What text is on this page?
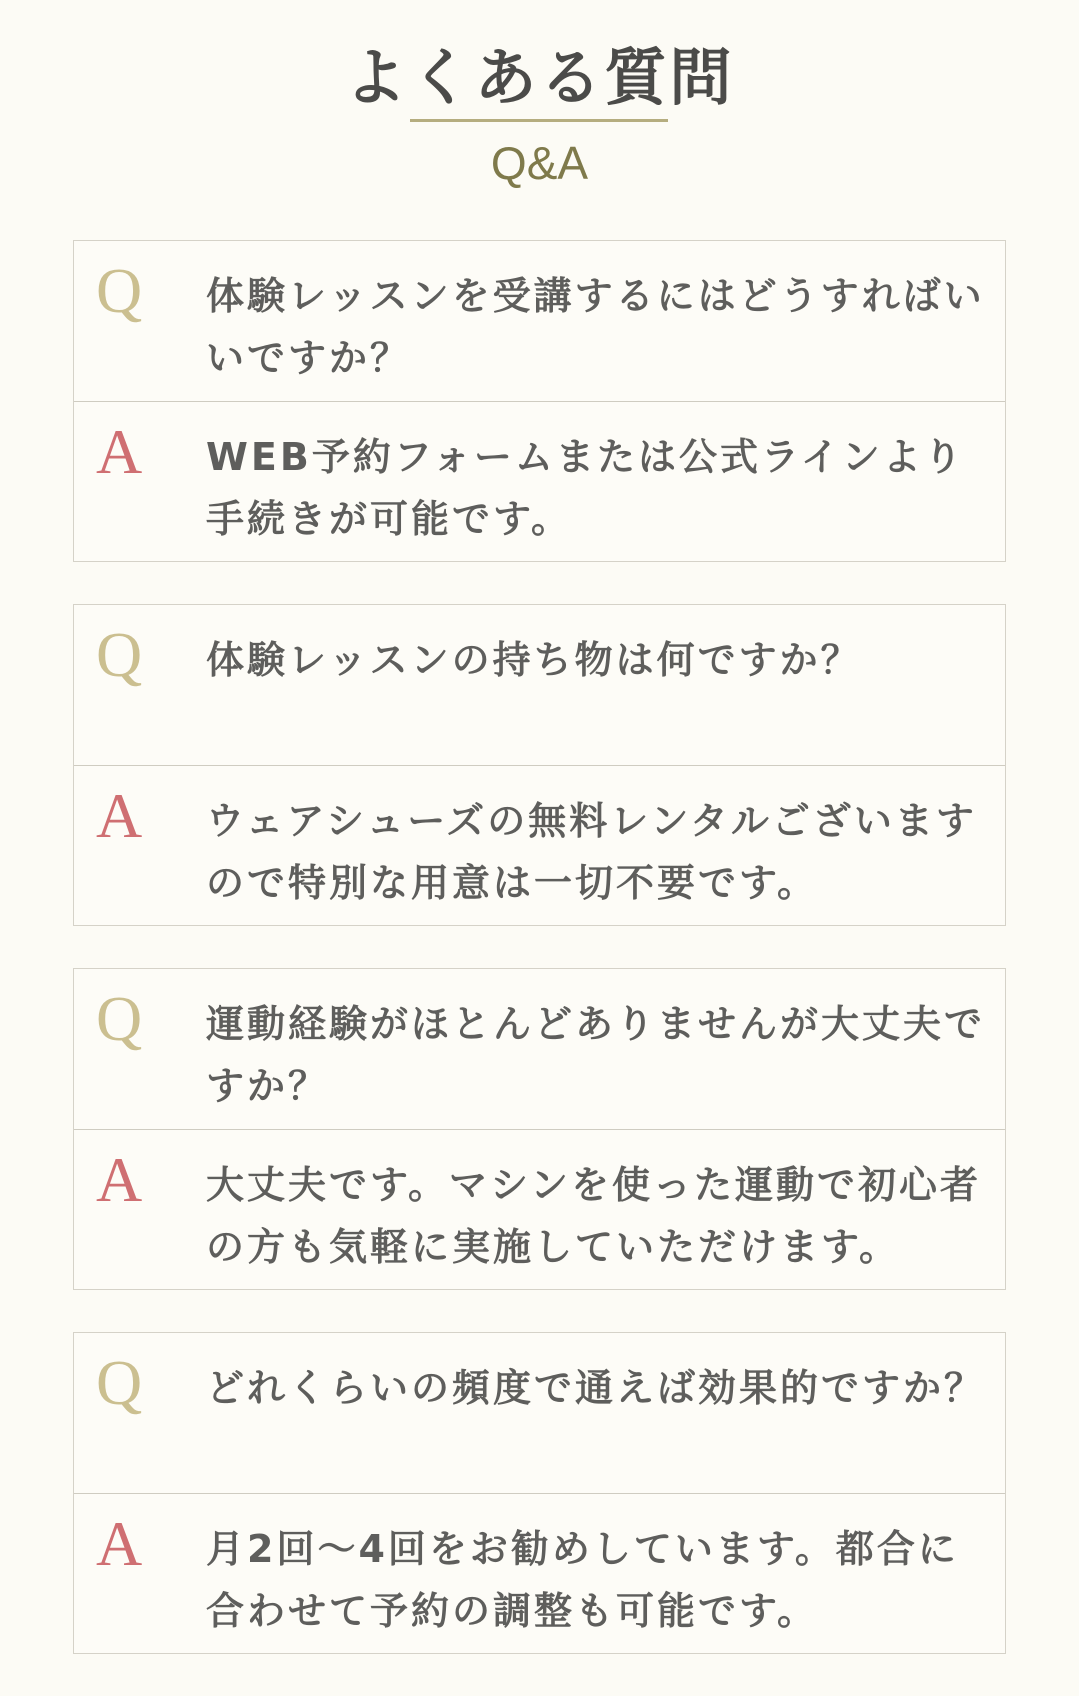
よくある質問
Q&A
Q 体験レッスンを受講するにはどうすればいいですか？
A WEB予約フォームまたは公式ラインより手続きが可能です。
Q 体験レッスンの持ち物は何ですか？
A ウェアシューズの無料レンタルございますので特別な用意は一切不要です。
Q 運動経験がほとんどありませんが大丈夫ですか？
A 大丈夫です。マシンを使った運動で初心者の方も気軽に実施していただけます。
Q どれくらいの頻度で通えば効果的ですか？
A 月2回～4回をお勧めしています。都合に合わせて予約の調整も可能です。
